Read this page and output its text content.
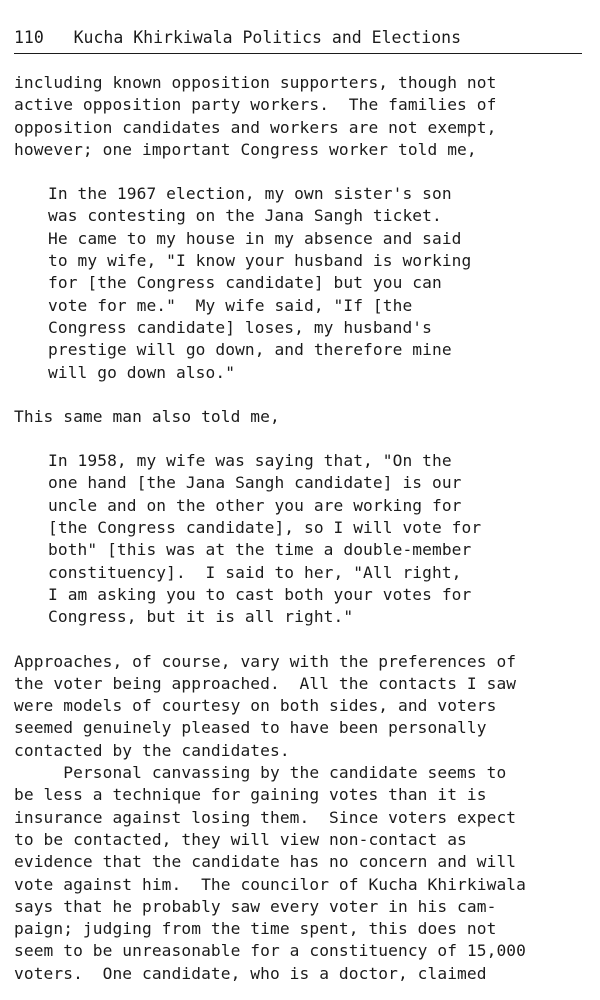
110 Kucha Khirkiwala Politics and Elections
including known opposition supporters, though not
active opposition party workers.  The families of
opposition candidates and workers are not exempt,
however; one important Congress worker told me,
In the 1967 election, my own sister's son
was contesting on the Jana Sangh ticket.
He came to my house in my absence and said
to my wife, "I know your husband is working
for [the Congress candidate] but you can
vote for me."  My wife said, "If [the
Congress candidate] loses, my husband's
prestige will go down, and therefore mine
will go down also."
This same man also told me,
In 1958, my wife was saying that, "On the
one hand [the Jana Sangh candidate] is our
uncle and on the other you are working for
[the Congress candidate], so I will vote for
both" [this was at the time a double-member
constituency].  I said to her, "All right,
I am asking you to cast both your votes for
Congress, but it is all right."
Approaches, of course, vary with the preferences of
the voter being approached.  All the contacts I saw
were models of courtesy on both sides, and voters
seemed genuinely pleased to have been personally
contacted by the candidates.
Personal canvassing by the candidate seems to
be less a technique for gaining votes than it is
insurance against losing them.  Since voters expect
to be contacted, they will view non-contact as
evidence that the candidate has no concern and will
vote against him.  The councilor of Kucha Khirkiwala
says that he probably saw every voter in his cam-
paign; judging from the time spent, this does not
seem to be unreasonable for a constituency of 15,000
voters.  One candidate, who is a doctor, claimed
